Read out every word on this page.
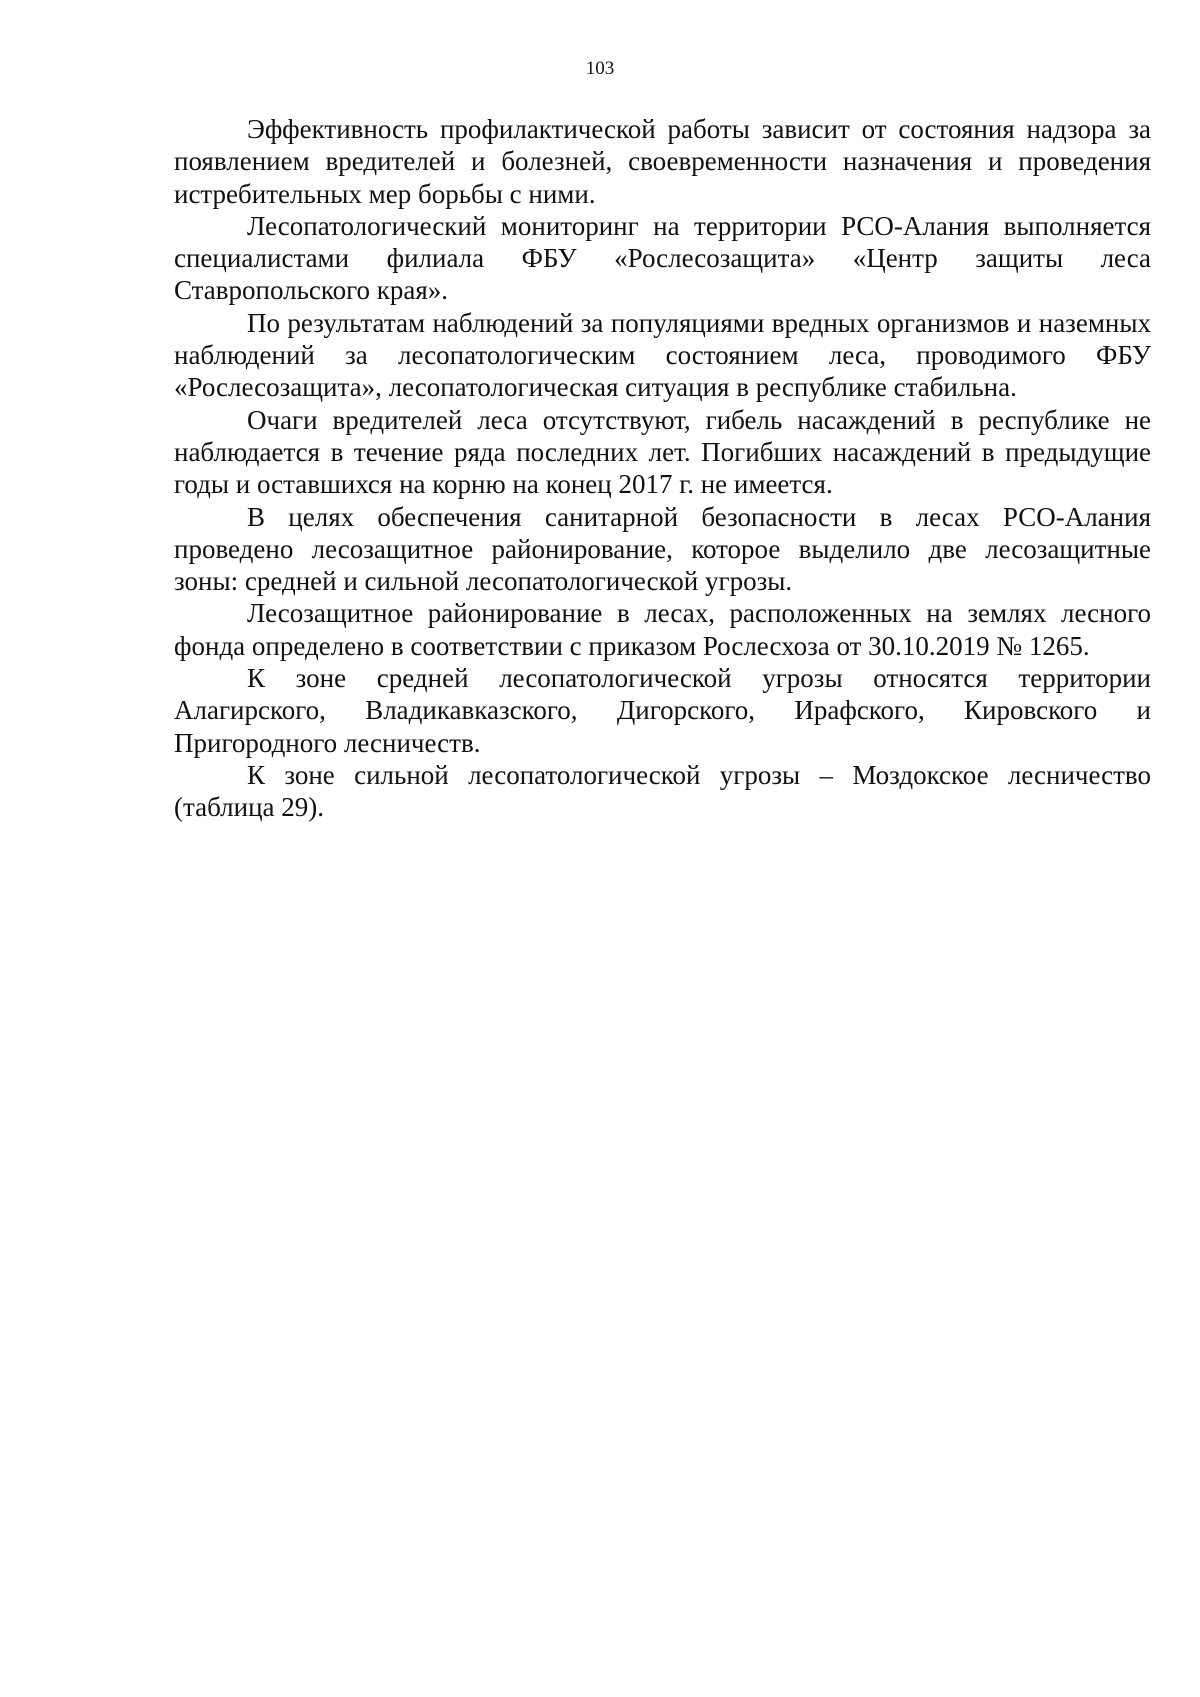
103

Эффективность профилактической работы зависит от состояния надзора за появлением вредителей и болезней, своевременности назначения и проведения истребительных мер борьбы с ними.

Лесопатологический мониторинг на территории РСО-Алания выполняется специалистами филиала ФБУ «Рослесозащита» «Центр защиты леса Ставропольского края».

По результатам наблюдений за популяциями вредных организмов и наземных наблюдений за лесопатологическим состоянием леса, проводимого ФБУ «Рослесозащита», лесопатологическая ситуация в республике стабильна.

Очаги вредителей леса отсутствуют, гибель насаждений в республике не наблюдается в течение ряда последних лет. Погибших насаждений в предыдущие годы и оставшихся на корню на конец 2017 г. не имеется.

В целях обеспечения санитарной безопасности в лесах РСО-Алания проведено лесозащитное районирование, которое выделило две лесозащитные зоны: средней и сильной лесопатологической угрозы.

Лесозащитное районирование в лесах, расположенных на землях лесного фонда определено в соответствии с приказом Рослесхоза от 30.10.2019 № 1265.

К зоне средней лесопатологической угрозы относятся территории Алагирского, Владикавказского, Дигорского, Ирафского, Кировского и Пригородного лесничеств.

К зоне сильной лесопатологической угрозы – Моздокское лесничество (таблица 29).
